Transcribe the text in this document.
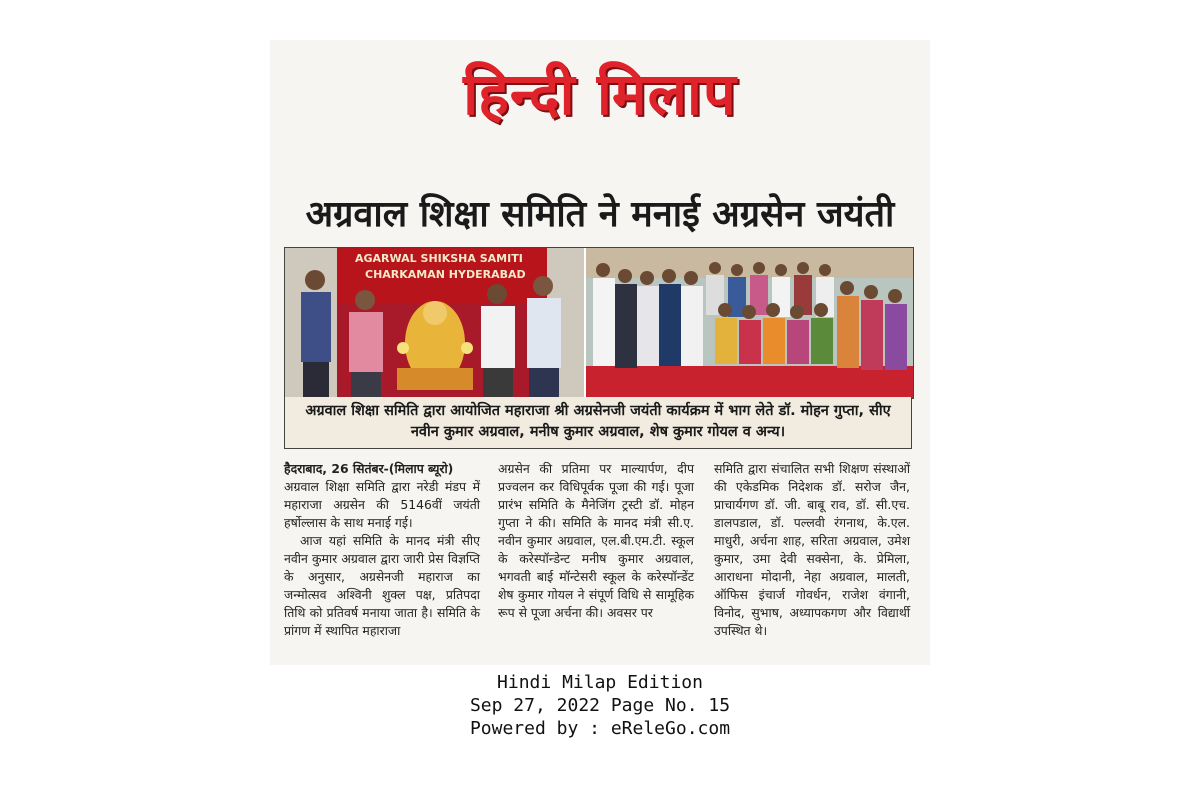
हिन्दी मिलाप
अग्रवाल शिक्षा समिति ने मनाई अग्रसेन जयंती
AGARWAL SHIKSHA SAMITI
CHARKAMAN HYDERABAD
अग्रवाल शिक्षा समिति द्वारा आयोजित महाराजा श्री अग्रसेनजी जयंती कार्यक्रम में भाग लेते डॉ. मोहन गुप्ता, सीए नवीन कुमार अग्रवाल, मनीष कुमार अग्रवाल, शेष कुमार गोयल व अन्य।

हैदराबाद, 26 सितंबर-(मिलाप ब्यूरो)

अग्रवाल शिक्षा समिति द्वारा नरेडी मंडप में महाराजा अग्रसेन की 5146वीं जयंती हर्षोल्लास के साथ मनाई गई।

आज यहां समिति के मानद मंत्री सीए नवीन कुमार अग्रवाल द्वारा जारी प्रेस विज्ञप्ति के अनुसार, अग्रसेनजी महाराज का जन्मोत्सव अश्विनी शुक्ल पक्ष, प्रतिपदा तिथि को प्रतिवर्ष मनाया जाता है। समिति के प्रांगण में स्थापित महाराजा

अग्रसेन की प्रतिमा पर माल्यार्पण, दीप प्रज्वलन कर विधिपूर्वक पूजा की गई। पूजा प्रारंभ समिति के मैनेजिंग ट्रस्टी डॉ. मोहन गुप्ता ने की। समिति के मानद मंत्री सी.ए. नवीन कुमार अग्रवाल, एल.बी.एम.टी. स्कूल के करेस्पॉन्डेन्ट मनीष कुमार अग्रवाल, भगवती बाई मॉन्टेसरी स्कूल के करेस्पॉन्डेंट शेष कुमार गोयल ने संपूर्ण विधि से सामूहिक रूप से पूजा अर्चना की। अवसर पर

समिति द्वारा संचालित सभी शिक्षण संस्थाओं की एकेडमिक निदेशक डॉ. सरोज जैन, प्राचार्यगण डॉ. जी. बाबू राव, डॉ. सी.एच. डालपडाल, डॉ. पल्लवी रंगनाथ, के.एल. माधुरी, अर्चना शाह, सरिता अग्रवाल, उमेश कुमार, उमा देवी सक्सेना, के. प्रेमिला, आराधना मोदानी, नेहा अग्रवाल, मालती, ऑफिस इंचार्ज गोवर्धन, राजेश वंगानी, विनोद, सुभाष, अध्यापकगण और विद्यार्थी उपस्थित थे।

Hindi Milap Edition
Sep 27, 2022 Page No. 15
Powered by : eReleGo.com
